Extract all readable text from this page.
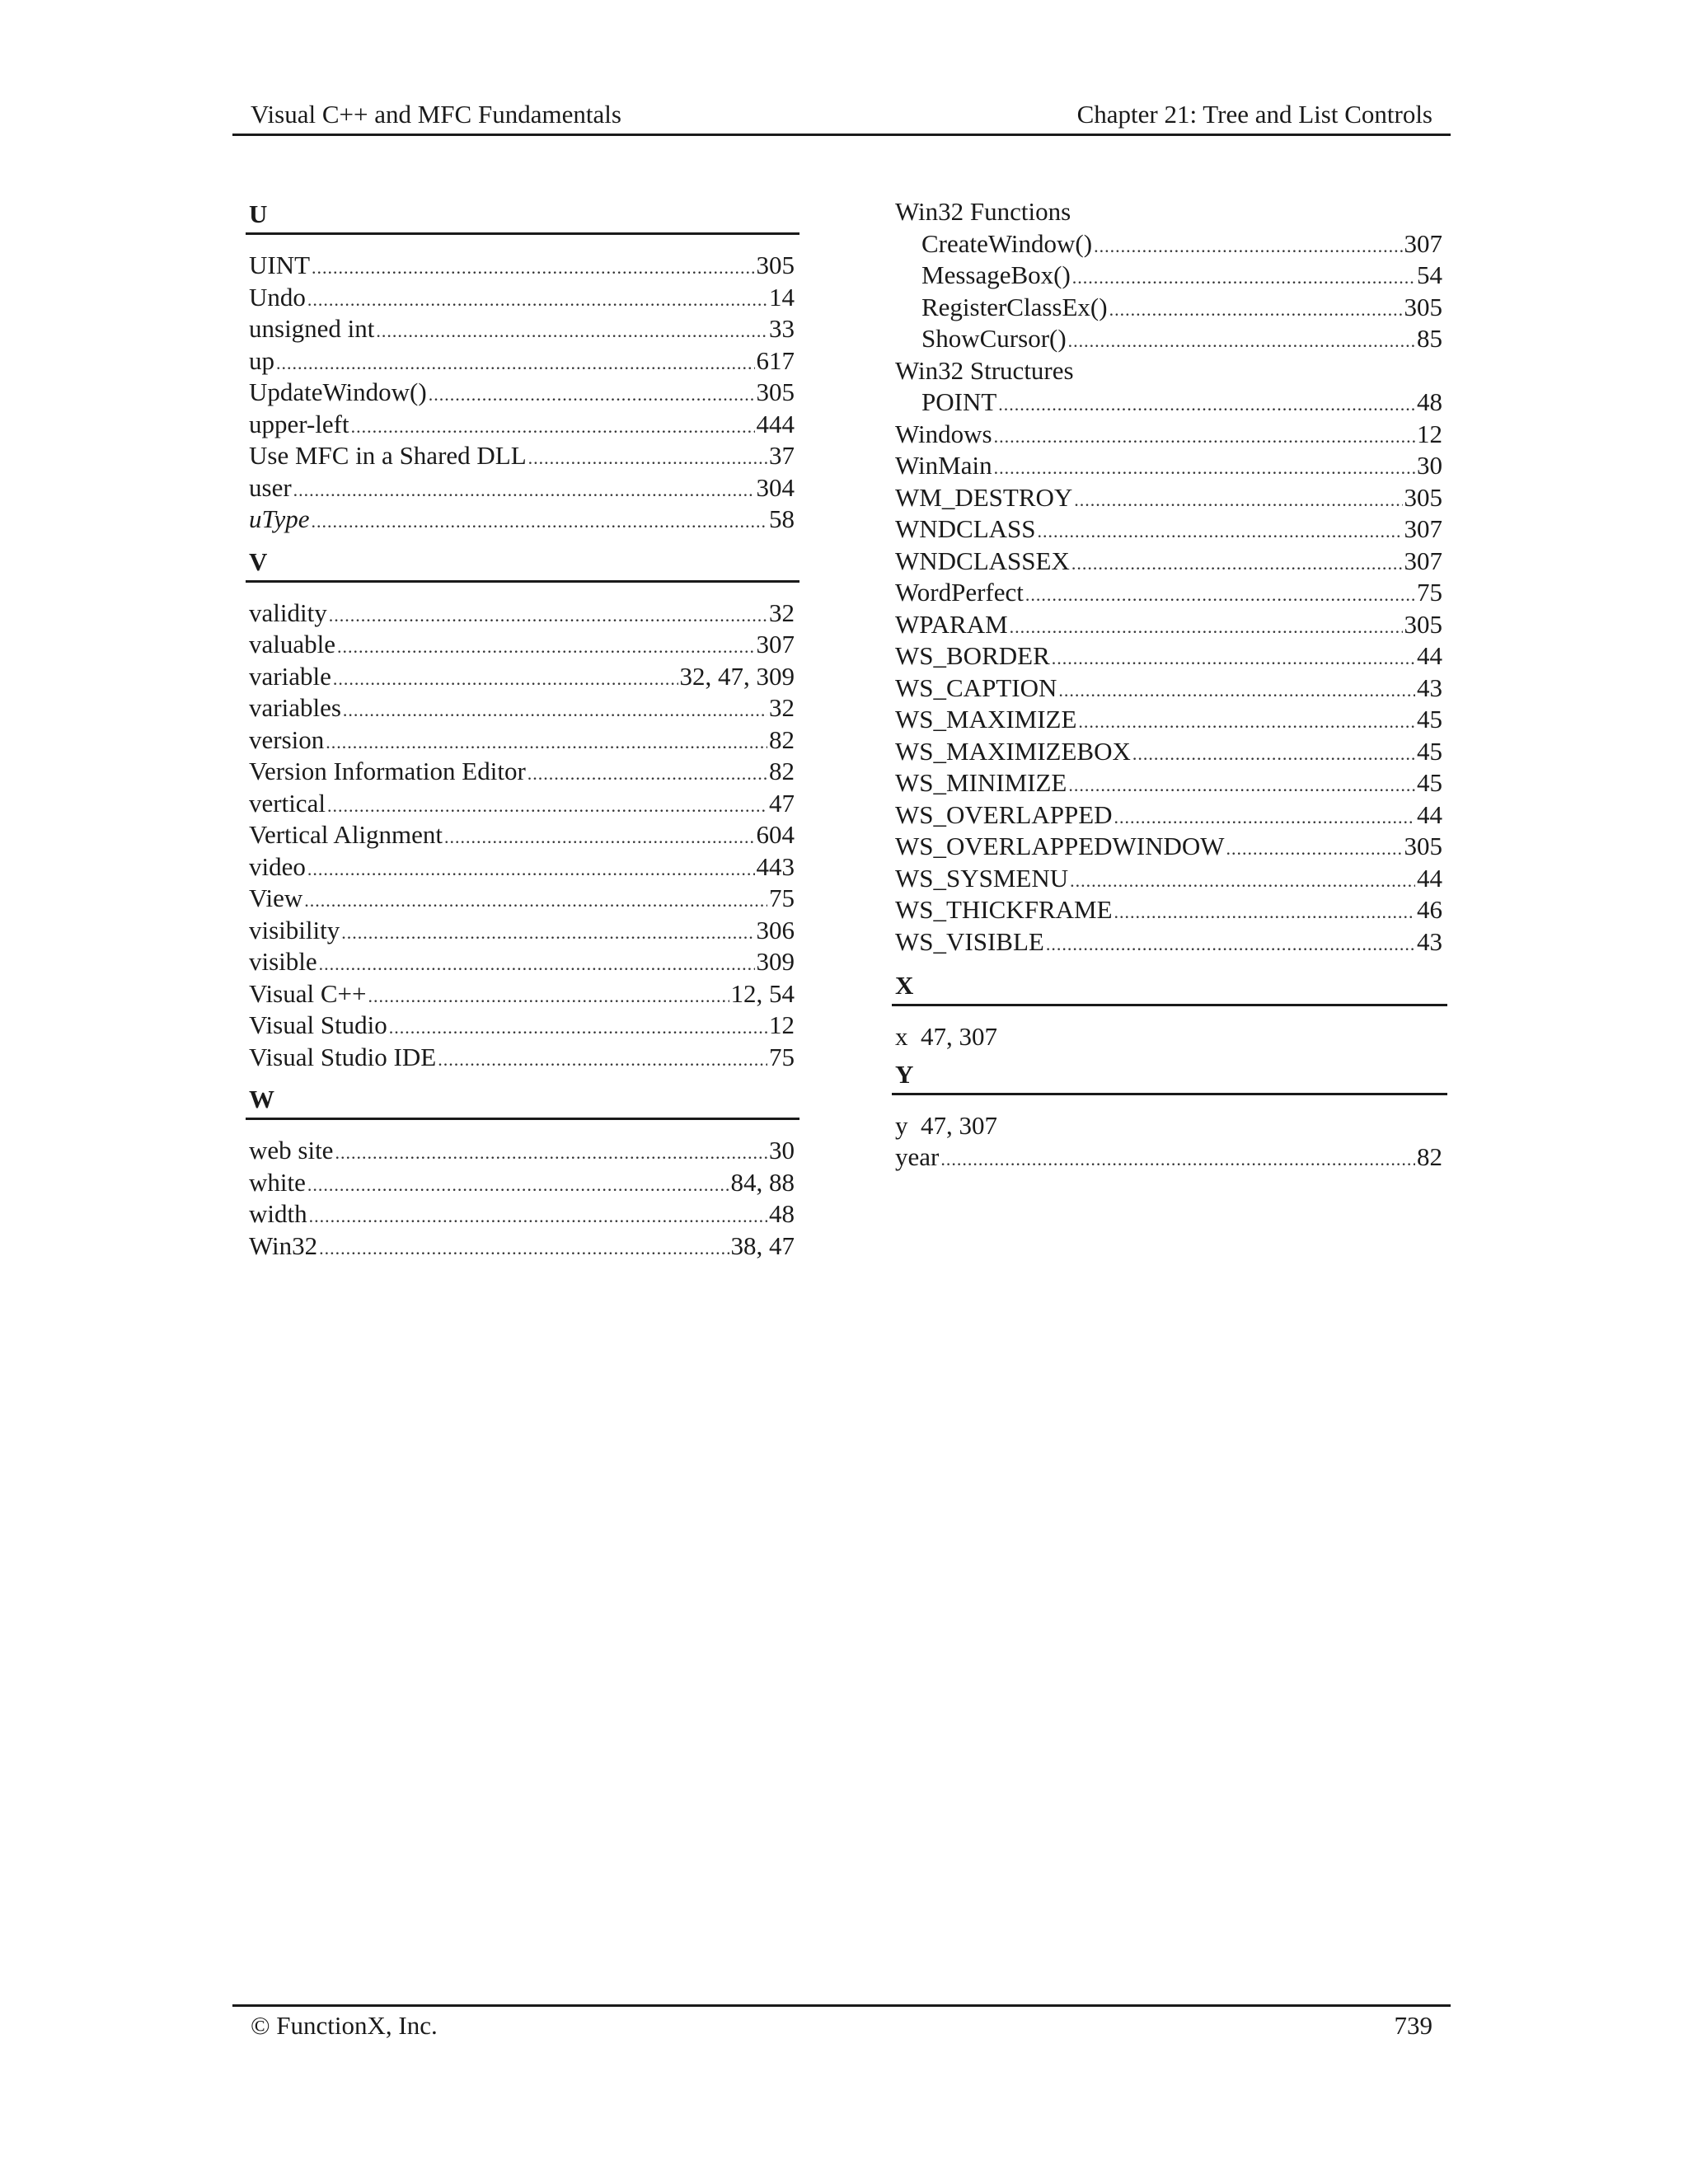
Visual C++ and MFC Fundamentals	Chapter 21: Tree and List Controls
U
UINT .....	305
Undo .....	14
unsigned int .....	33
up .....	617
UpdateWindow() .....	305
upper-left .....	444
Use MFC in a Shared DLL .....	37
user .....	304
uType .....	58
V
validity .....	32
valuable .....	307
variable .....	32, 47, 309
variables .....	32
version .....	82
Version Information Editor .....	82
vertical .....	47
Vertical Alignment .....	604
video .....	443
View .....	75
visibility .....	306
visible .....	309
Visual C++ .....	12, 54
Visual Studio .....	12
Visual Studio IDE .....	75
W
web site .....	30
white .....	84, 88
width .....	48
Win32 .....	38, 47
Win32 Functions
CreateWindow() .....	307
MessageBox() .....	54
RegisterClassEx() .....	305
ShowCursor() .....	85
Win32 Structures
POINT .....	48
Windows .....	12
WinMain .....	30
WM_DESTROY .....	305
WNDCLASS .....	307
WNDCLASSEX .....	307
WordPerfect .....	75
WPARAM .....	305
WS_BORDER .....	44
WS_CAPTION .....	43
WS_MAXIMIZE .....	45
WS_MAXIMIZEBOX .....	45
WS_MINIMIZE .....	45
WS_OVERLAPPED .....	44
WS_OVERLAPPEDWINDOW .....	305
WS_SYSMENU .....	44
WS_THICKFRAME .....	46
WS_VISIBLE .....	43
X
x  47, 307
Y
y  47, 307
year .....	82
© FunctionX, Inc.	739
